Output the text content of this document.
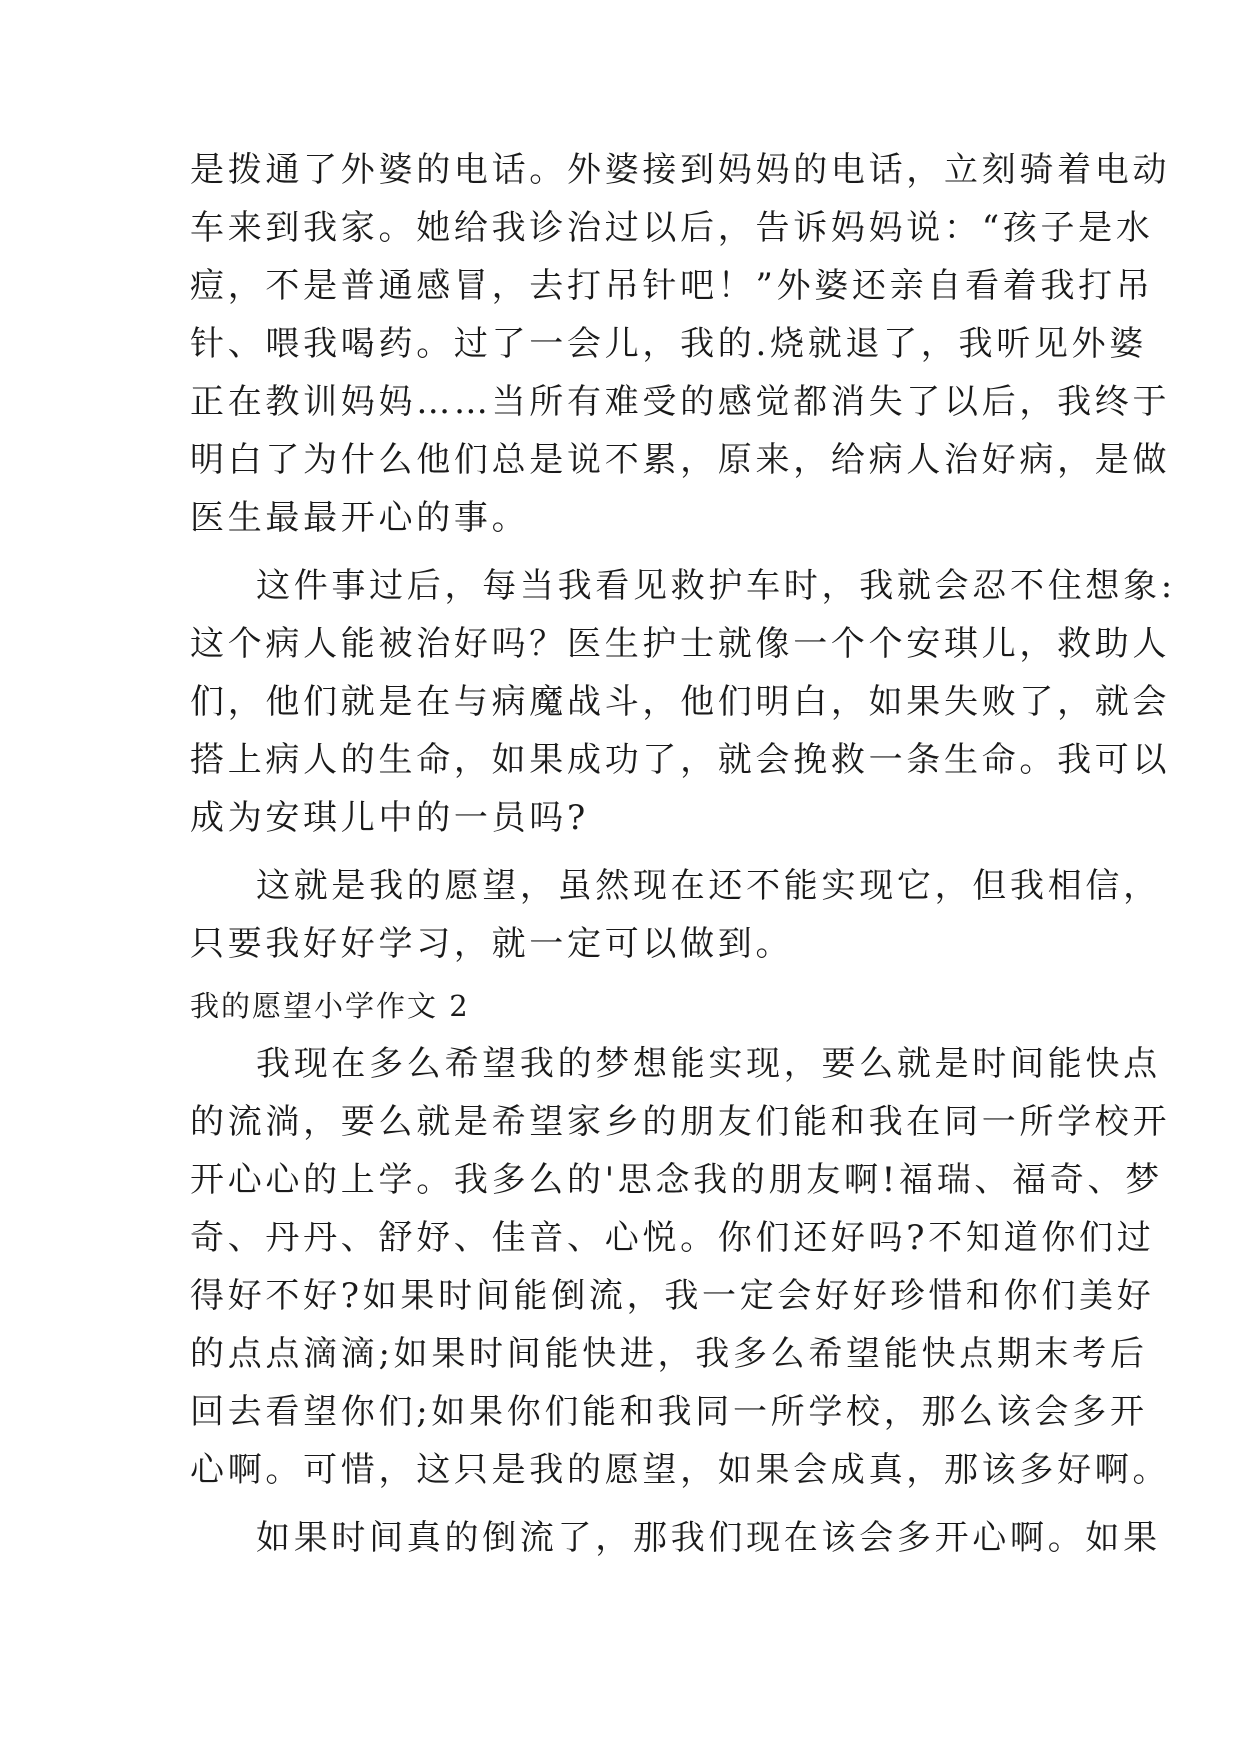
是拨通了外婆的电话。外婆接到妈妈的电话，立刻骑着电动
车来到我家。她给我诊治过以后，告诉妈妈说：“孩子是水
痘，不是普通感冒，去打吊针吧！”外婆还亲自看着我打吊
针、喂我喝药。过了一会儿，我的.烧就退了，我听见外婆
正在教训妈妈……当所有难受的感觉都消失了以后，我终于
明白了为什么他们总是说不累，原来，给病人治好病，是做
医生最最开心的事。
这件事过后，每当我看见救护车时，我就会忍不住想象:
这个病人能被治好吗？医生护士就像一个个安琪儿，救助人
们，他们就是在与病魔战斗，他们明白，如果失败了，就会
搭上病人的生命，如果成功了，就会挽救一条生命。我可以
成为安琪儿中的一员吗?
这就是我的愿望，虽然现在还不能实现它，但我相信，
只要我好好学习，就一定可以做到。
我的愿望小学作文 2
我现在多么希望我的梦想能实现，要么就是时间能快点
的流淌，要么就是希望家乡的朋友们能和我在同一所学校开
开心心的上学。我多么的'思念我的朋友啊!福瑞、福奇、梦
奇、丹丹、舒妤、佳音、心悦。你们还好吗?不知道你们过
得好不好?如果时间能倒流，我一定会好好珍惜和你们美好
的点点滴滴;如果时间能快进，我多么希望能快点期末考后
回去看望你们;如果你们能和我同一所学校，那么该会多开
心啊。可惜，这只是我的愿望，如果会成真，那该多好啊。
如果时间真的倒流了，那我们现在该会多开心啊。如果
